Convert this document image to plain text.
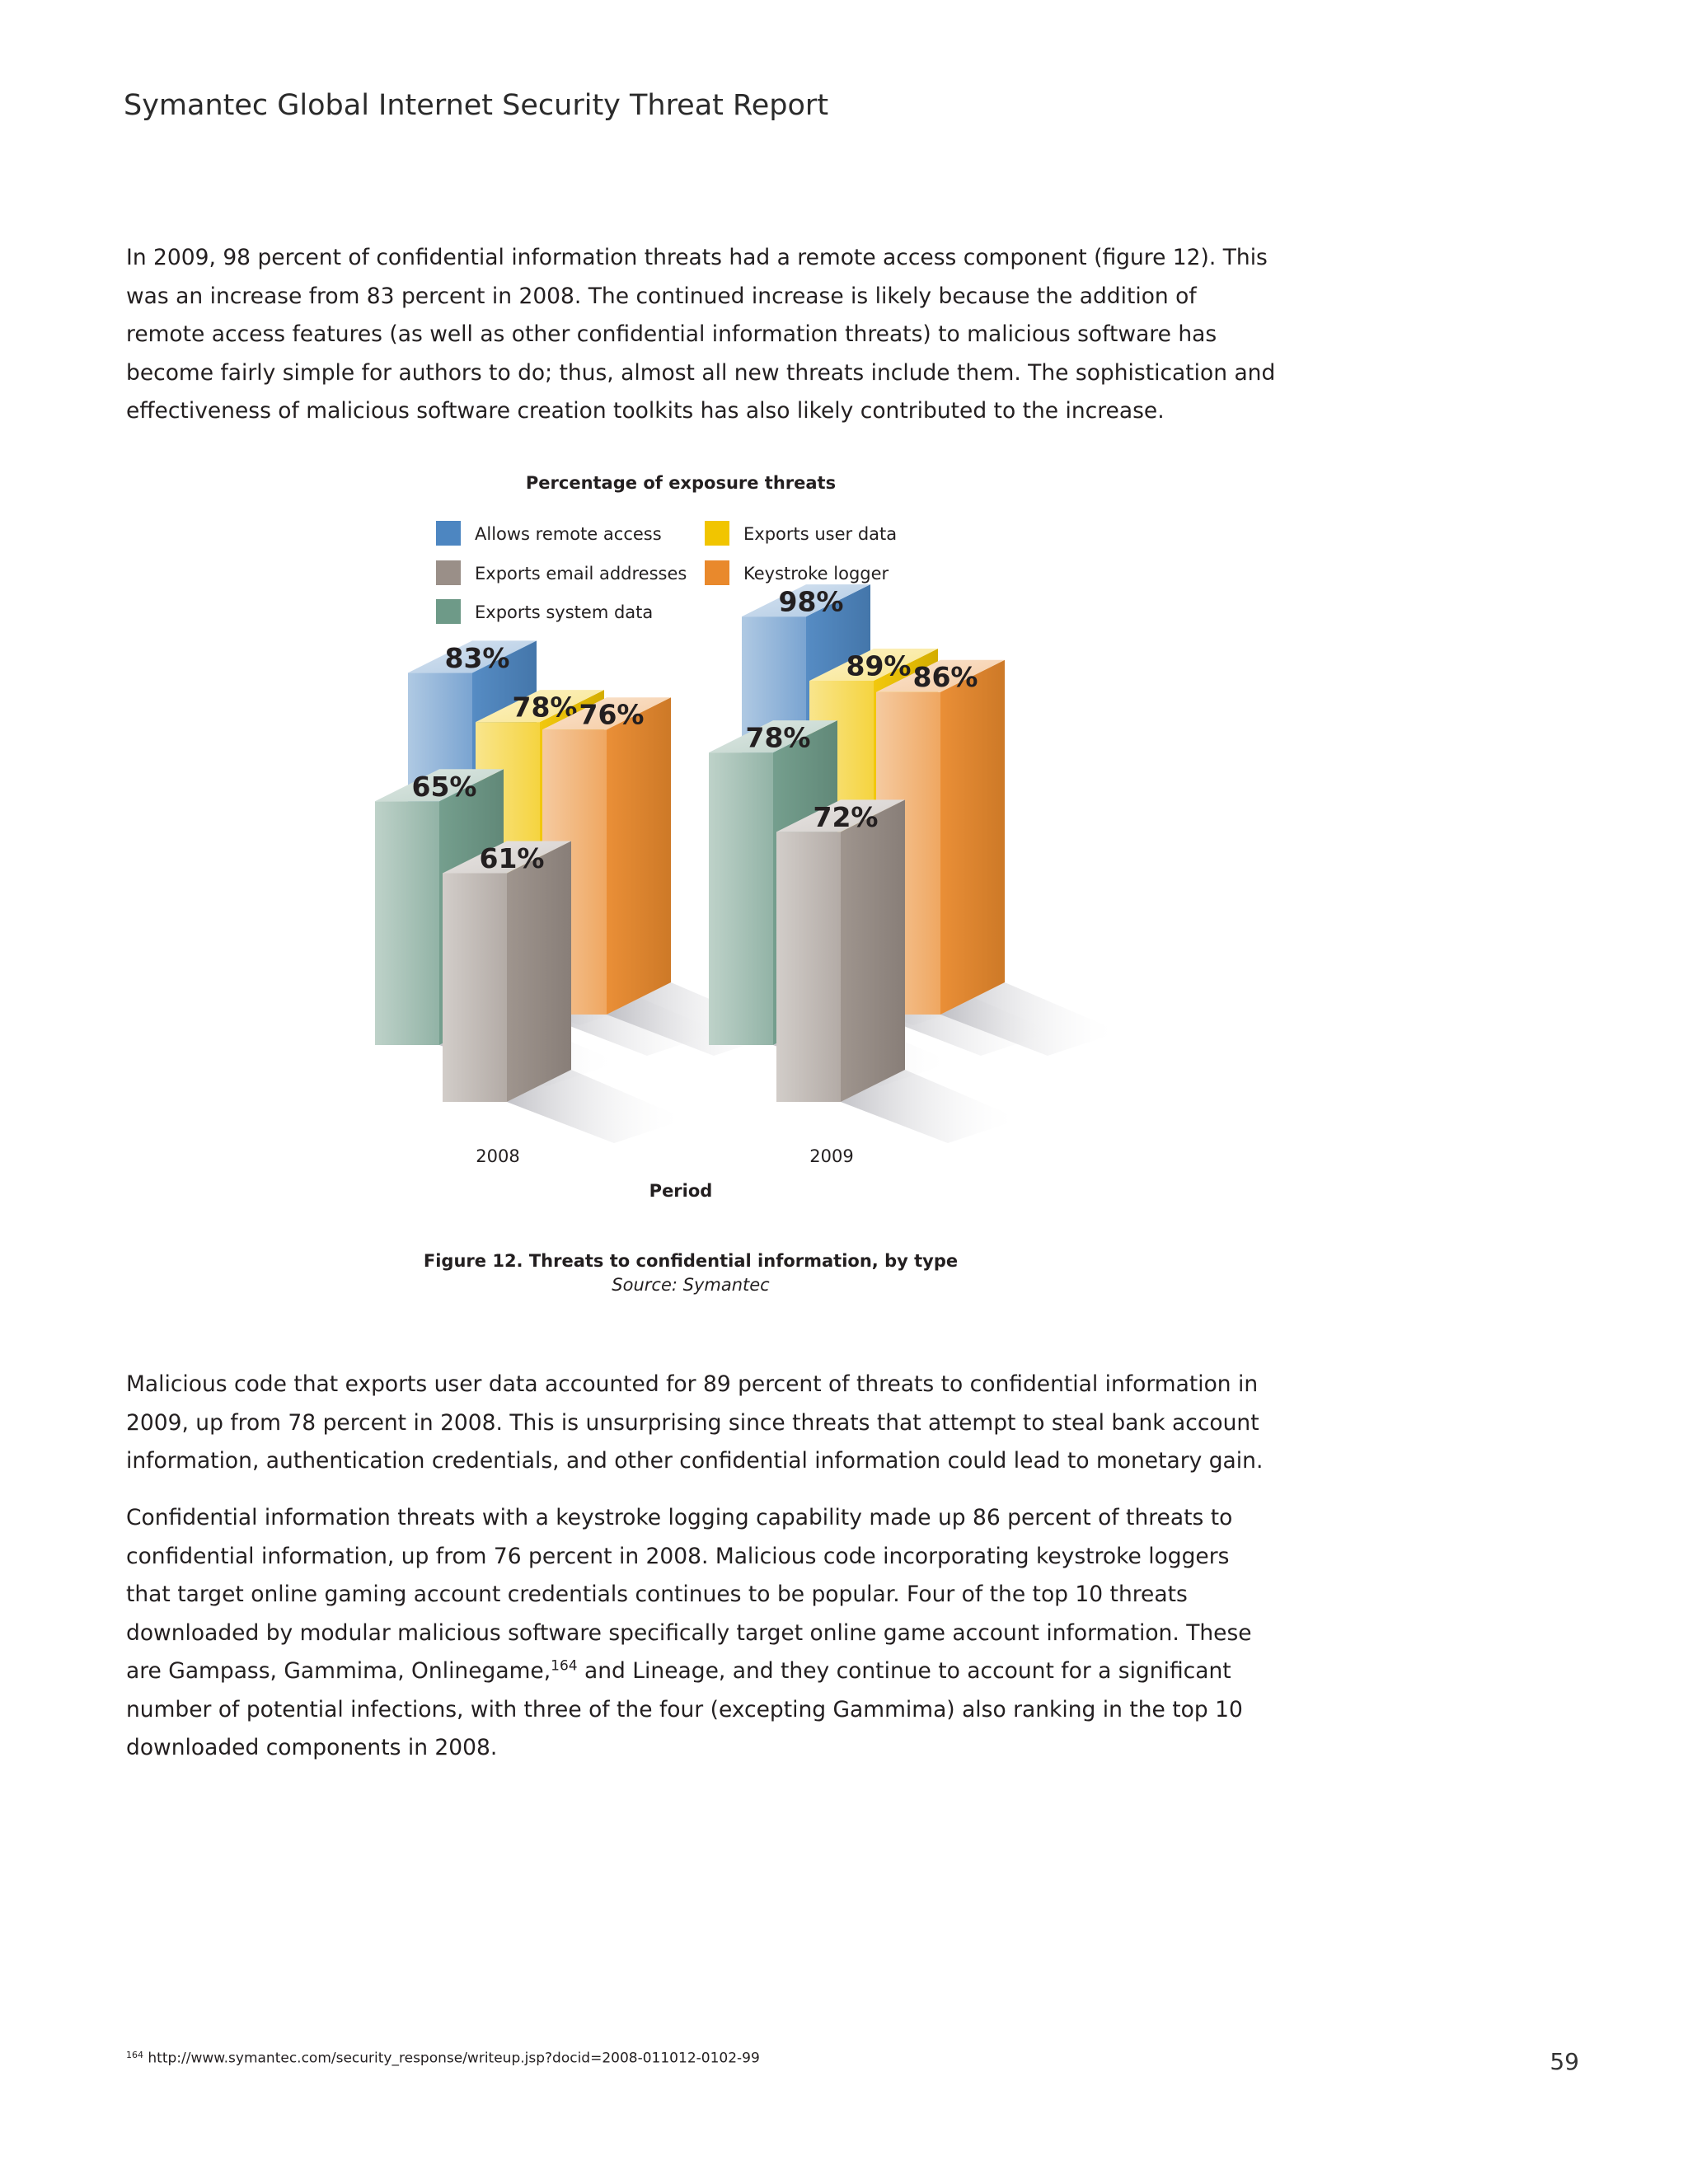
Symantec Global Internet Security Threat Report

In 2009, 98 percent of confidential information threats had a remote access component (figure 12). This was an increase from 83 percent in 2008. The continued increase is likely because the addition of remote access features (as well as other confidential information threats) to malicious software has become fairly simple for authors to do; thus, almost all new threats include them. The sophistication and effectiveness of malicious software creation toolkits has also likely contributed to the increase.

Percentage of exposure threats
Allows remote access
Exports email addresses
Exports system data
Exports user data
Keystroke logger
83%
78% 76%
65%
61%
98%
89% 86%
78%
72%
2008	2009
Period
Figure 12. Threats to confidential information, by type
Source: Symantec

Malicious code that exports user data accounted for 89 percent of threats to confidential information in 2009, up from 78 percent in 2008. This is unsurprising since threats that attempt to steal bank account information, authentication credentials, and other confidential information could lead to monetary gain.

Confidential information threats with a keystroke logging capability made up 86 percent of threats to confidential information, up from 76 percent in 2008. Malicious code incorporating keystroke loggers that target online gaming account credentials continues to be popular. Four of the top 10 threats downloaded by modular malicious software specifically target online game account information. These are Gampass, Gammima, Onlinegame,$^{164}$ and Lineage, and they continue to account for a significant number of potential infections, with three of the four (excepting Gammima) also ranking in the top 10 downloaded components in 2008.

$^{164}$ http://www.symantec.com/security_response/writeup.jsp?docid=2008-011012-0102-99	59
